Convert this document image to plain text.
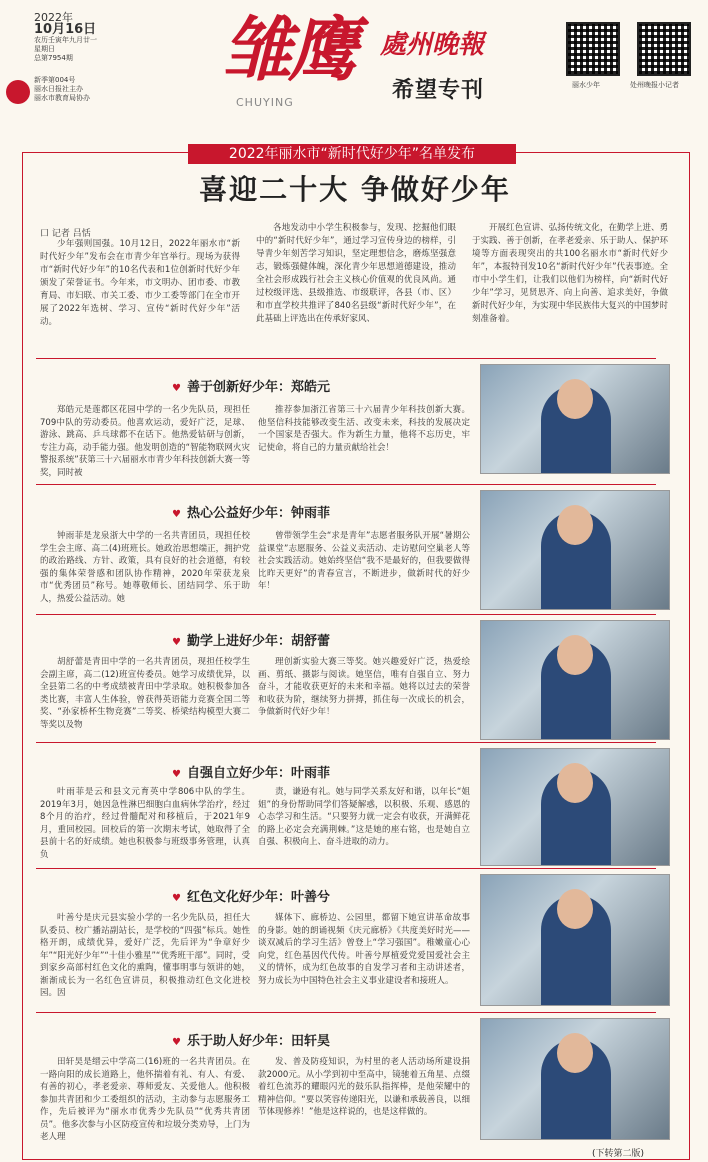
2022年
10月16日
农历壬寅年九月廿一
星期日
总第7954期
新季第004号
丽水日报社主办
丽水市教育局协办
雏鹰
CHUYING
處州晚報
希望专刊	丽水少年	处州晚报小记者
2022年丽水市“新时代好少年”名单发布
喜迎二十大 争做好少年
口 记者 吕恬
少年强则国强。10月12日，2022年丽水市“新时代好少年”发布会在市青少年宫举行。现场为获得市“新时代好少年”的10名代表和1位创新时代好少年颁发了荣誉证书。今年来，市文明办、团市委、市教育局、市妇联、市关工委、市少工委等部门在全市开展了2022年选树、学习、宣传“新时代好少年”活动。
各地发动中小学生积极参与，发现、挖掘他们眼中的“新时代好少年”，通过学习宣传身边的榜样，引导青少年刻苦学习知识，坚定理想信念，磨炼坚强意志，锻炼强健体魄，深化青少年思想道德建设，推动全社会形成践行社会主义核心价值观的优良风尚。通过校级评选、县级推选、市级联评，各县（市、区）和市直学校共推评了840名县级“新时代好少年”，在此基础上评选出在传承好家风、
开展红色宣讲、弘扬传统文化，在勤学上进、勇于实践、善于创新，在孝老爱亲、乐于助人、保护环境等方面表现突出的共100名丽水市“新时代好少年”，本报特刊发10名“新时代好少年”代表事迹。全市中小学生们，让我们以他们为榜样，向“新时代好少年”学习，见贤思齐、向上向善、追求美好，争做新时代好少年，为实现中华民族伟大复兴的中国梦时刻准备着。
♥ 善于创新好少年：郑皓元
郑皓元是莲都区花园中学的一名少先队员，现担任709中队的劳动委员。他喜欢运动，爱好广泛，足球、游泳、跳高、乒乓球都不在话下。他热爱钻研与创新，专注力高，动手能力强。他发明创造的“智能物联网火灾警报系统”获第三十六届丽水市青少年科技创新大赛一等奖，同时被
推荐参加浙江省第三十六届青少年科技创新大赛。他坚信科技能够改变生活、改变未来，科技的发展决定一个国家是否强大。作为新生力量，他将不忘历史，牢记使命，将自己的力量贡献给社会！
♥ 热心公益好少年：钟雨菲
钟雨菲是龙泉浙大中学的一名共青团员，现担任校学生会主席、高二(4)班班长。她政治思想端正，拥护党的政治路线、方针、政策，具有良好的社会道德，有较强的集体荣誉感和团队协作精神，2020年荣获龙泉市“优秀团员”称号。她尊敬师长、团结同学、乐于助人，热爱公益活动。她
曾带领学生会“求是青年”志愿者服务队开展“暑期公益课堂”志愿服务、公益义卖活动、走访慰问空巢老人等社会实践活动。她始终坚信“我不是最好的，但我要做得比昨天更好”的青春宣言，不断进步，做新时代的好少年！
♥ 勤学上进好少年：胡舒蕾
胡舒蕾是青田中学的一名共青团员，现担任校学生会副主席，高二(12)班宣传委员。她学习成绩优异，以全县第二名的中考成绩被青田中学录取。她积极参加各类比赛，丰富人生体验，曾获得英语能力竞赛全国二等奖、“孙家桥杯生物竞赛”二等奖、桥梁结构模型大赛二等奖以及物
理创新实验大赛三等奖。她兴趣爱好广泛，热爱绘画、剪纸、摄影与阅读。她坚信，唯有自强自立、努力奋斗，才能收获更好的未来和幸福。她将以过去的荣誉和收获为阶，继续努力拼搏，抓住每一次成长的机会，争做新时代好少年！
♥ 自强自立好少年：叶雨菲
叶雨菲是云和县文元育英中学806中队的学生。2019年3月，她因急性淋巴细胞白血病休学治疗，经过8个月的治疗，经过骨髓配对和移植后，于2021年9月，重回校园。回校后的第一次期末考试，她取得了全县前十名的好成绩。她也积极参与班级事务管理，认真负
责，谦逊有礼。她与同学关系友好和谐，以年长“姐姐”的身份帮助同学们答疑解惑，以积极、乐观、感恩的心态学习和生活。“只要努力就一定会有收获，开满鲜花的路上必定会充满荆棘。”这是她的座右铭，也是她自立自强、积极向上、奋斗进取的动力。
♥ 红色文化好少年：叶善兮
叶善兮是庆元县实验小学的一名少先队员，担任大队委员、校广播站副站长，是学校的“四强”标兵。她性格开朗，成绩优异，爱好广泛，先后评为“争章好少年”“阳光好少年”“十佳小雅星”“优秀班干部”。同时，受到家乡高部村红色文化的熏陶，懂事明事与领讲的她，渐渐成长为一名红色宣讲员，积极推动红色文化进校园。因
媒体下、廊桥边、公园里，都留下她宣讲革命故事的身影。她的朗诵视频《庆元廊桥》《共度美好时光——谈双减后的学习生活》曾登上“学习强国”。稚嫩童心心向党，红色基因代代传。叶善兮厚植爱党爱国爱社会主义的情怀，成为红色故事的自发学习者和主动讲述者，努力成长为中国特色社会主义事业建设者和接班人。
♥ 乐于助人好少年：田轩昊
田轩昊是缙云中学高二(16)班的一名共青团员。在一路向阳的成长道路上，他怀揣着有礼、有人、有爱、有善的初心，孝老爱亲、尊师爱友、关爱他人。他积极参加共青团和少工委组织的活动，主动参与志愿服务工作，先后被评为“丽水市优秀少先队员”“优秀共青团员”。他多次参与小区防疫宣传和垃圾分类劝导，上门为老人理
发、普及防疫知识，为村里的老人活动场所建设捐款2000元。从小学到初中至高中，镜驰着五角星、点缀着红色流苏的耀眼闪光的鼓乐队指挥棒，是他荣耀中的精神信仰。“要以笑容传递阳光，以谦和承载善良，以细节体现修养！”他是这样说的，也是这样做的。
(下转第二版)
